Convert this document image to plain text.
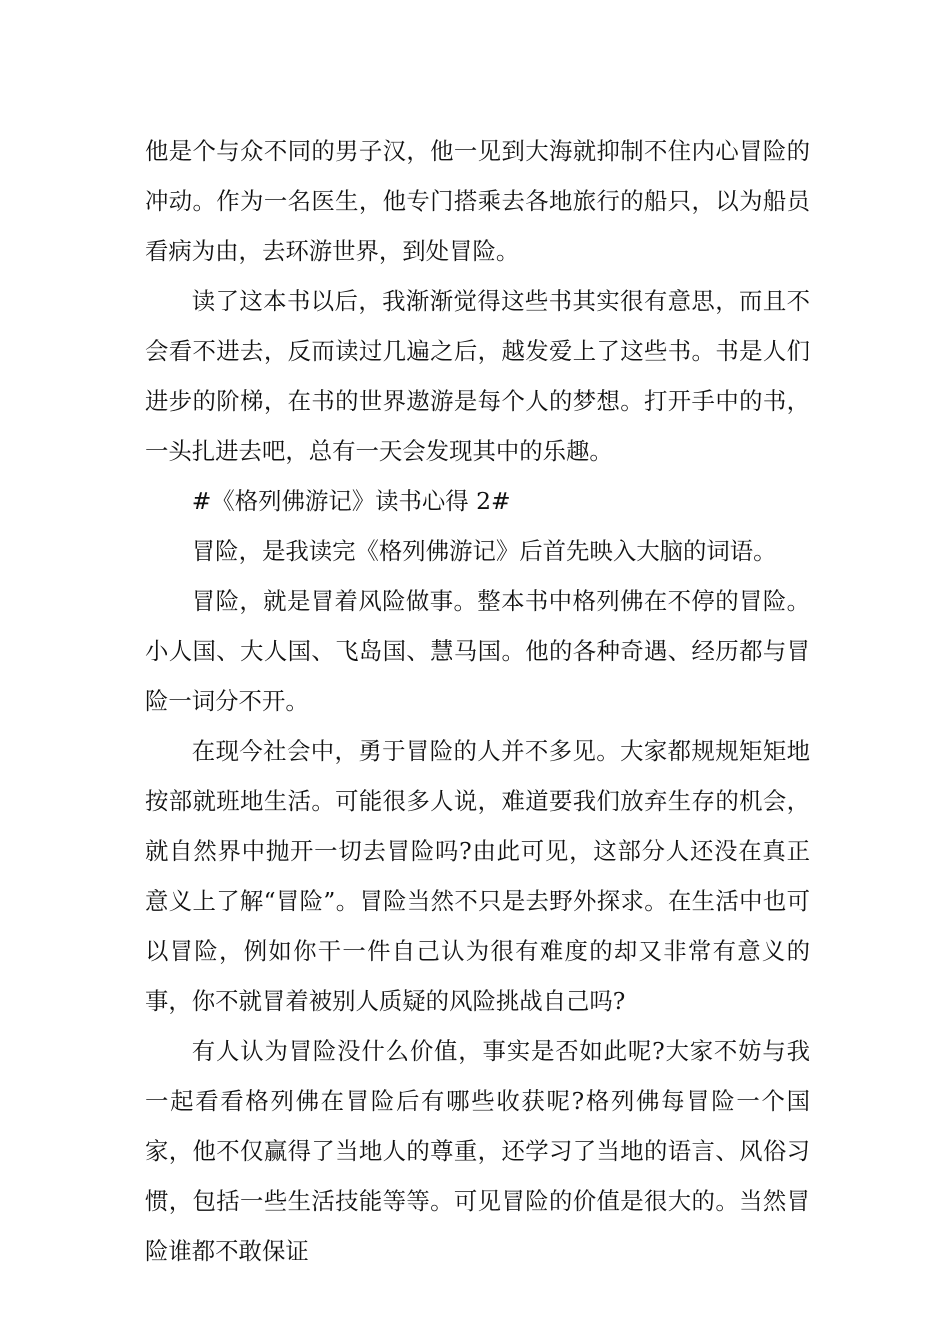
他是个与众不同的男子汉，他一见到大海就抑制不住内心冒险的冲动。作为一名医生，他专门搭乘去各地旅行的船只，以为船员看病为由，去环游世界，到处冒险。

读了这本书以后，我渐渐觉得这些书其实很有意思，而且不会看不进去，反而读过几遍之后，越发爱上了这些书。书是人们进步的阶梯，在书的世界遨游是每个人的梦想。打开手中的书，一头扎进去吧，总有一天会发现其中的乐趣。

#《格列佛游记》读书心得 2#

冒险，是我读完《格列佛游记》后首先映入大脑的词语。

冒险，就是冒着风险做事。整本书中格列佛在不停的冒险。小人国、大人国、飞岛国、慧马国。他的各种奇遇、经历都与冒险一词分不开。

在现今社会中，勇于冒险的人并不多见。大家都规规矩矩地按部就班地生活。可能很多人说，难道要我们放弃生存的机会，就自然界中抛开一切去冒险吗?由此可见，这部分人还没在真正意义上了解“冒险”。冒险当然不只是去野外探求。在生活中也可以冒险，例如你干一件自己认为很有难度的却又非常有意义的事，你不就冒着被别人质疑的风险挑战自己吗?

有人认为冒险没什么价值，事实是否如此呢?大家不妨与我一起看看格列佛在冒险后有哪些收获呢?格列佛每冒险一个国家，他不仅赢得了当地人的尊重，还学习了当地的语言、风俗习惯，包括一些生活技能等等。可见冒险的价值是很大的。当然冒险谁都不敢保证
